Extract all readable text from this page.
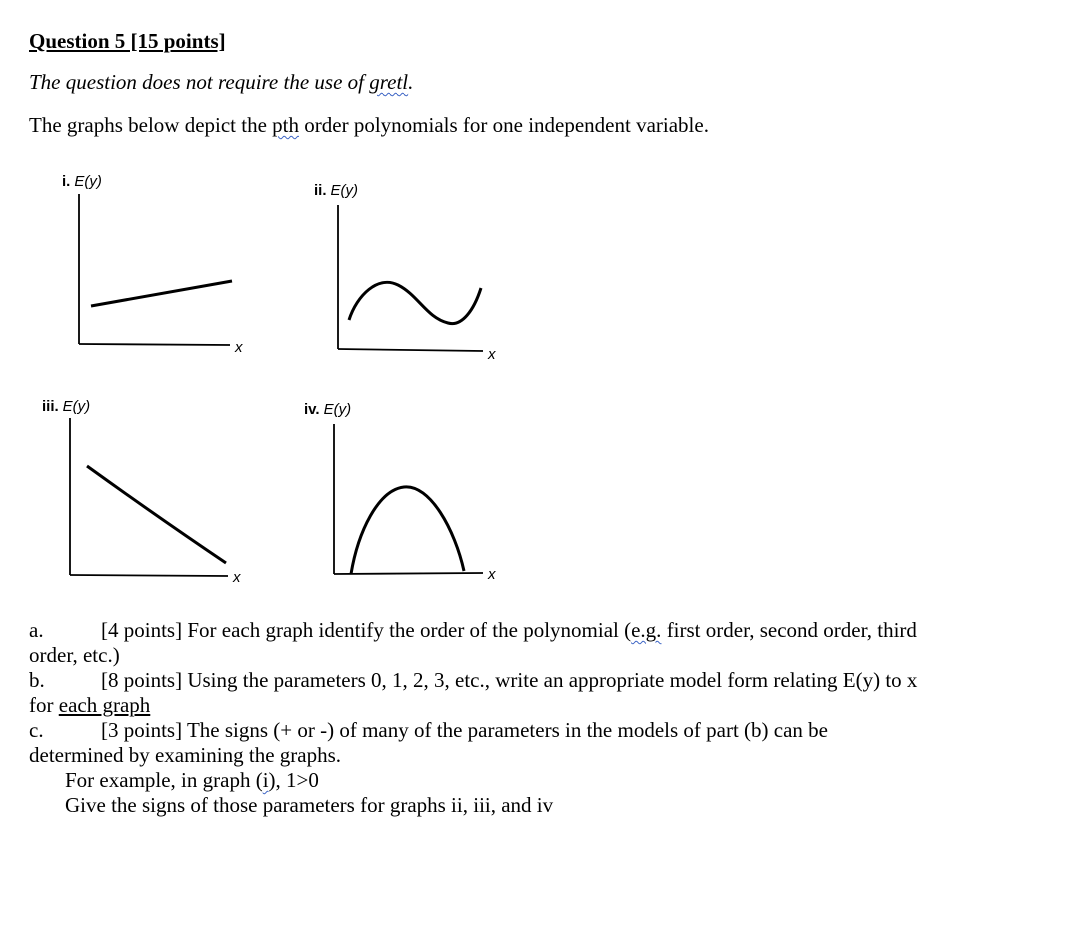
Question 5 [15 points]
The question does not require the use of gretl.
The graphs below depict the pth order polynomials for one independent variable.
i. E(y)
x
ii. E(y)
x
iii. E(y)
x
iv. E(y)
x
a.	[4 points] For each graph identify the order of the polynomial (e.g. first order, second order, third
order, etc.)
b.	[8 points] Using the parameters 0, 1, 2, 3, etc., write an appropriate model form relating E(y) to x
for each graph
c.	[3 points] The signs (+ or -) of many of the parameters in the models of part (b) can be
determined by examining the graphs.
For example, in graph (i), 1>0
Give the signs of those parameters for graphs ii, iii, and iv
